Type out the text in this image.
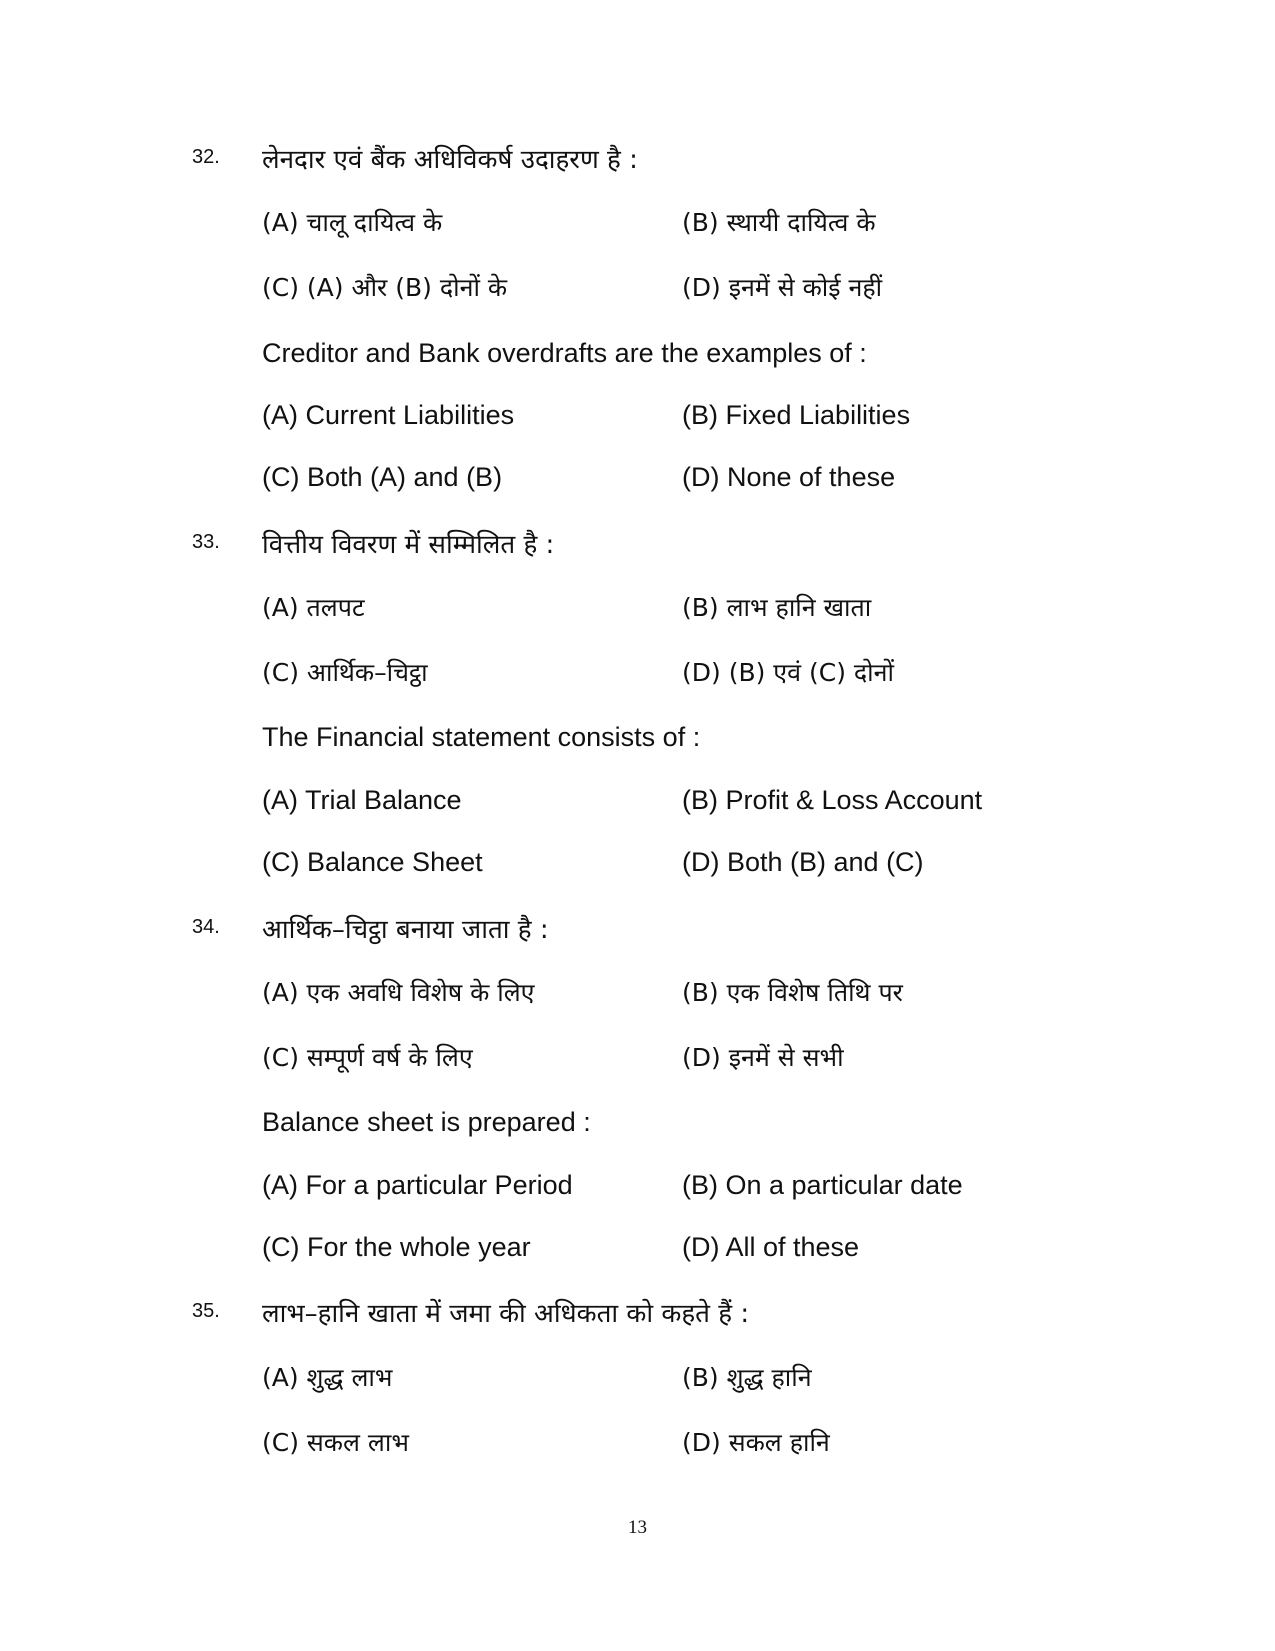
32. लेनदार एवं बैंक अधिविकर्ष उदाहरण है :
(A) चालू दायित्व के	(B) स्थायी दायित्व के
(C) (A) और (B) दोनों के	(D) इनमें से कोई नहीं
Creditor and Bank overdrafts are the examples of :
(A) Current Liabilities	(B) Fixed Liabilities
(C) Both (A) and (B)	(D) None of these
33. वित्तीय विवरण में सम्मिलित है :
(A) तलपट	(B) लाभ हानि खाता
(C) आर्थिक–चिट्ठा	(D) (B) एवं (C) दोनों
The Financial statement consists of :
(A) Trial Balance	(B) Profit & Loss Account
(C) Balance Sheet	(D) Both (B) and (C)
34. आर्थिक–चिट्ठा बनाया जाता है :
(A) एक अवधि विशेष के लिए	(B) एक विशेष तिथि पर
(C) सम्पूर्ण वर्ष के लिए	(D) इनमें से सभी
Balance sheet is prepared :
(A) For a particular Period	(B) On a particular date
(C) For the whole year	(D) All of these
35. लाभ–हानि खाता में जमा की अधिकता को कहते हैं :
(A) शुद्ध लाभ	(B) शुद्ध हानि
(C) सकल लाभ	(D) सकल हानि
13
